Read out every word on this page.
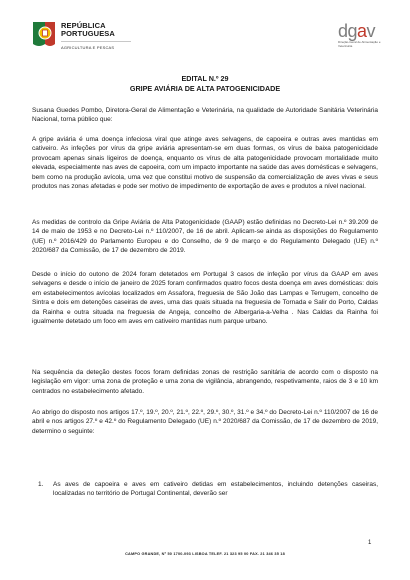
REPÚBLICA
PORTUGUESA
AGRICULTURA E PESCAS
dgav
Direção-Geral de Alimentação e Veterinária
EDITAL N.º 29
GRIPE AVIÁRIA DE ALTA PATOGENICIDADE

Susana Guedes Pombo, Diretora-Geral de Alimentação e Veterinária, na qualidade de Autoridade Sanitária Veterinária Nacional, torna público que:

A gripe aviária é uma doença infeciosa viral que atinge aves selvagens, de capoeira e outras aves mantidas em cativeiro. As infeções por vírus da gripe aviária apresentam-se em duas formas, os vírus de baixa patogenicidade provocam apenas sinais ligeiros de doença, enquanto os vírus de alta patogenicidade provocam mortalidade muito elevada, especialmente nas aves de capoeira, com um impacto importante na saúde das aves domésticas e selvagens, bem como na produção avícola, uma vez que constitui motivo de suspensão da comercialização de aves vivas e seus produtos nas zonas afetadas e pode ser motivo de impedimento de exportação de aves e produtos a nível nacional.

As medidas de controlo da Gripe Aviária de Alta Patogenicidade (GAAP) estão definidas no Decreto-Lei n.º 39.209 de 14 de maio de 1953 e no Decreto-Lei n.º 110/2007, de 16 de abril. Aplicam-se ainda as disposições do Regulamento (UE) n.º 2016/429 do Parlamento Europeu e do Conselho, de 9 de março e do Regulamento Delegado (UE) n.º 2020/687 da Comissão, de 17 de dezembro de 2019.

Desde o início do outono de 2024 foram detetados em Portugal 3 casos de infeção por vírus da GAAP em aves selvagens e desde o início de janeiro de 2025 foram confirmados quatro focos desta doença em aves domésticas: dois em estabelecimentos avícolas localizados em Assafora, freguesia de São João das Lampas e Terrugem, concelho de Sintra e dois em detenções caseiras de aves, uma das quais situada na freguesia de Tornada e Salir do Porto, Caldas da Rainha e outra situada na freguesia de Angeja, concelho de Albergaria-a-Velha . Nas Caldas da Rainha foi igualmente detetado um foco em aves em cativeiro mantidas num parque urbano.

Na sequência da deteção destes focos foram definidas zonas de restrição sanitária de acordo com o disposto na legislação em vigor: uma zona de proteção e uma zona de vigilância, abrangendo, respetivamente, raios de 3 e 10 km centrados no estabelecimento afetado.

Ao abrigo do disposto nos artigos 17.º, 19.º, 20.º, 21.º, 22.º, 29.º, 30.º, 31.º e 34.º do Decreto-Lei n.º 110/2007 de 16 de abril e nos artigos 27.º e 42.º do Regulamento Delegado (UE) n.º 2020/687 da Comissão, de 17 de dezembro de 2019, determino o seguinte:

1. As aves de capoeira e aves em cativeiro detidas em estabelecimentos, incluindo detenções caseiras, localizadas no território de Portugal Continental, deverão ser
1
CAMPO GRANDE, Nº 50 1700-093 LISBOA TELEF. 21 323 95 00 FAX. 21 346 35 18
